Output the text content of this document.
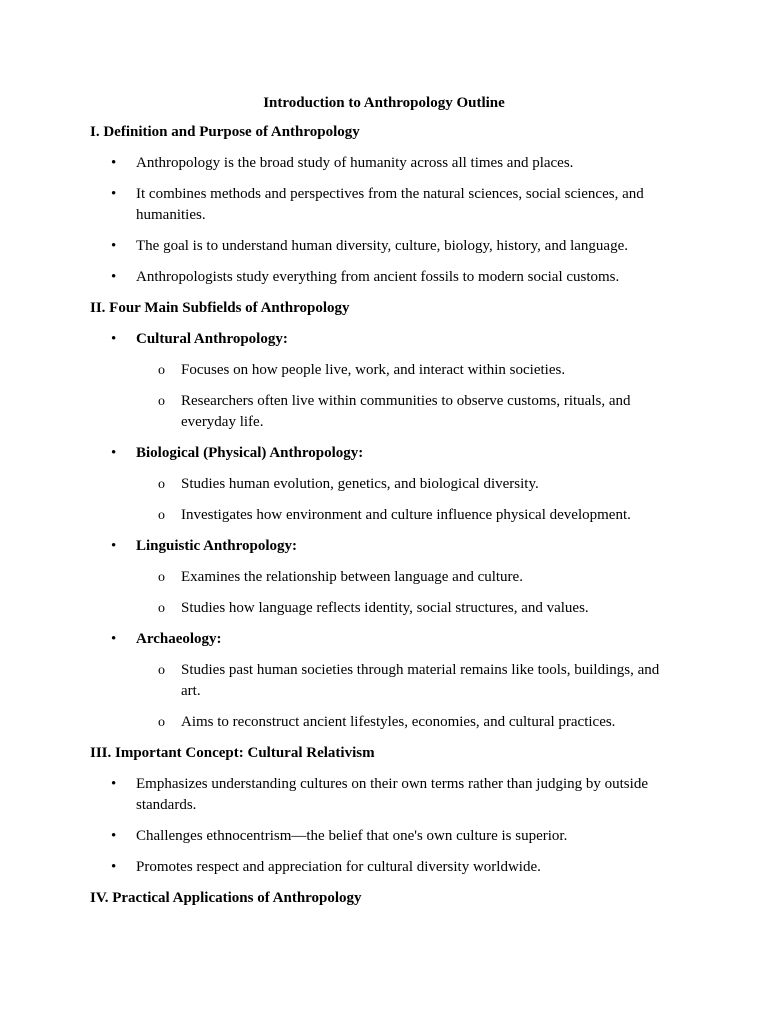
Introduction to Anthropology Outline
I. Definition and Purpose of Anthropology
• Anthropology is the broad study of humanity across all times and places.
• It combines methods and perspectives from the natural sciences, social sciences, and humanities.
• The goal is to understand human diversity, culture, biology, history, and language.
• Anthropologists study everything from ancient fossils to modern social customs.
II. Four Main Subfields of Anthropology
• Cultural Anthropology:
o Focuses on how people live, work, and interact within societies.
o Researchers often live within communities to observe customs, rituals, and everyday life.
• Biological (Physical) Anthropology:
o Studies human evolution, genetics, and biological diversity.
o Investigates how environment and culture influence physical development.
• Linguistic Anthropology:
o Examines the relationship between language and culture.
o Studies how language reflects identity, social structures, and values.
• Archaeology:
o Studies past human societies through material remains like tools, buildings, and art.
o Aims to reconstruct ancient lifestyles, economies, and cultural practices.
III. Important Concept: Cultural Relativism
• Emphasizes understanding cultures on their own terms rather than judging by outside standards.
• Challenges ethnocentrism—the belief that one's own culture is superior.
• Promotes respect and appreciation for cultural diversity worldwide.
IV. Practical Applications of Anthropology
